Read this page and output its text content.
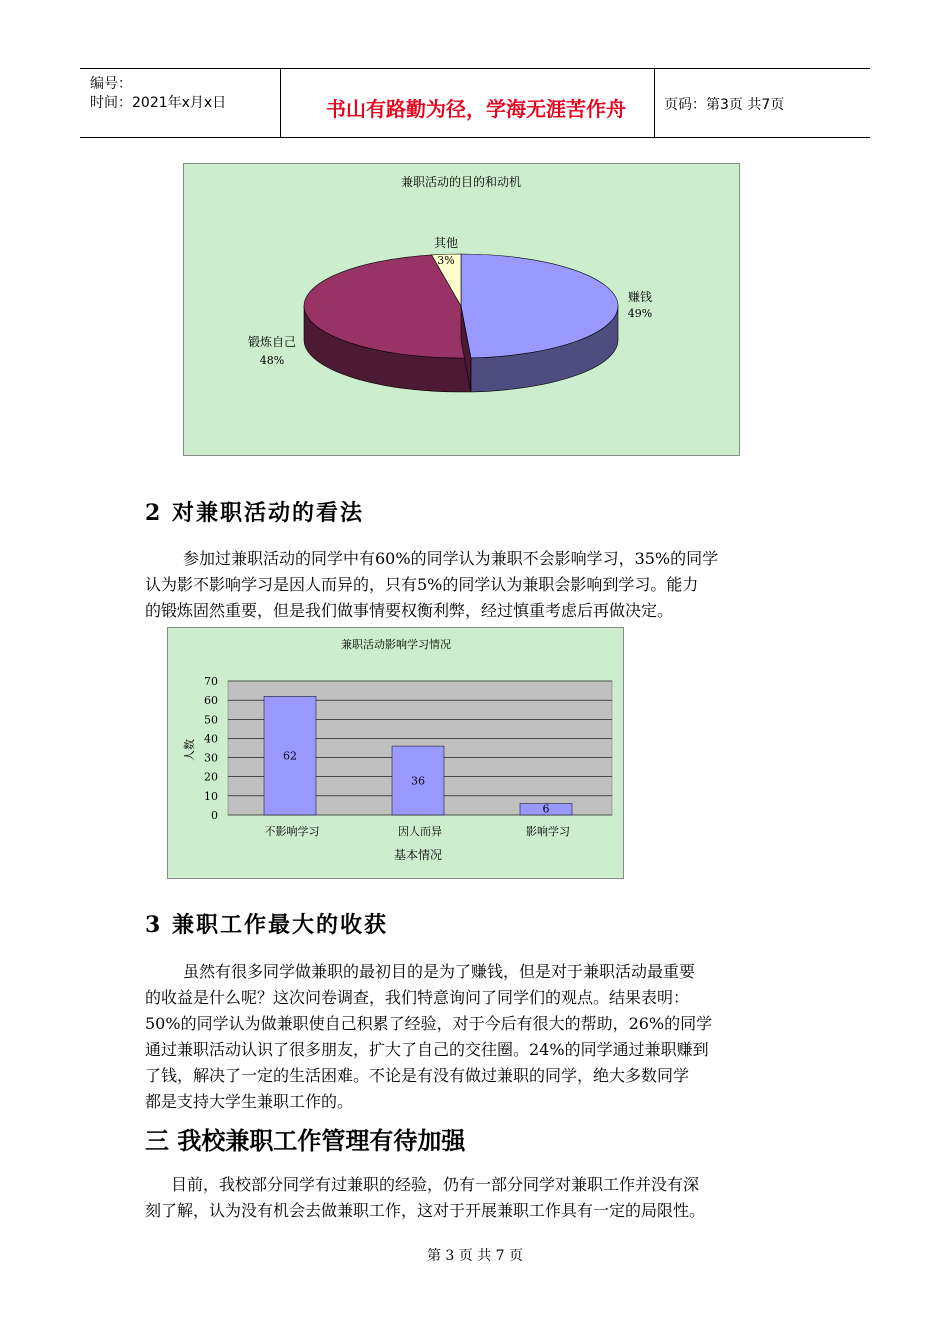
编号：
时间：2021年x月x日	书山有路勤为径，学海无涯苦作舟	页码：第3页 共7页
兼职活动的目的和动机
其他
3%
赚钱
49%
锻炼自己
48%
2 对兼职活动的看法
参加过兼职活动的同学中有60%的同学认为兼职不会影响学习，35%的同学
认为影不影响学习是因人而异的，只有5%的同学认为兼职会影响到学习。能力
的锻炼固然重要，但是我们做事情要权衡利弊，经过慎重考虑后再做决定。
兼职活动影响学习情况
0
10
20
30
40
50
60
70
62
不影响学习
36
因人而异
6
影响学习
人数
基本情况
3 兼职工作最大的收获
虽然有很多同学做兼职的最初目的是为了赚钱，但是对于兼职活动最重要
的收益是什么呢？这次问卷调查，我们特意询问了同学们的观点。结果表明：
50%的同学认为做兼职使自己积累了经验，对于今后有很大的帮助，26%的同学
通过兼职活动认识了很多朋友，扩大了自己的交往圈。24%的同学通过兼职赚到
了钱，解决了一定的生活困难。不论是有没有做过兼职的同学，绝大多数同学
都是支持大学生兼职工作的。
三 我校兼职工作管理有待加强
目前，我校部分同学有过兼职的经验，仍有一部分同学对兼职工作并没有深
刻了解，认为没有机会去做兼职工作，这对于开展兼职工作具有一定的局限性。
第 3 页 共 7 页
